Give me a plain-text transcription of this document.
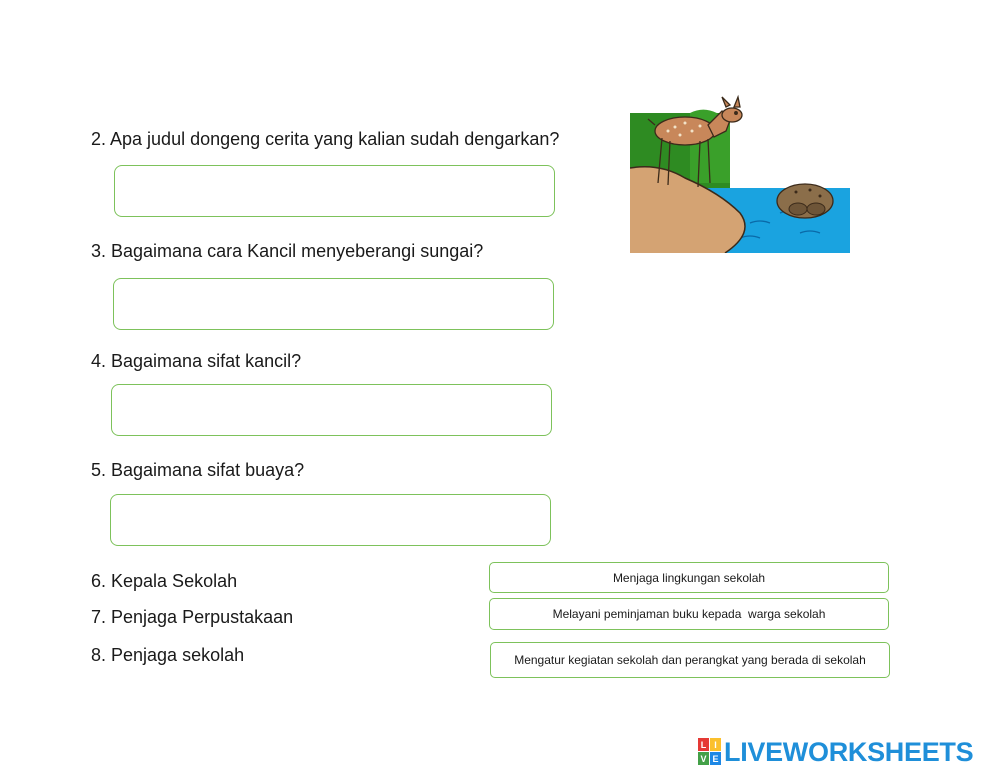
2. Apa judul dongeng cerita yang kalian sudah dengarkan?
3. Bagaimana cara Kancil menyeberangi sungai?
4. Bagaimana sifat kancil?
5. Bagaimana sifat buaya?
6. Kepala Sekolah
7. Penjaga Perpustakaan
8. Penjaga sekolah
Menjaga lingkungan sekolah
Melayani peminjaman buku kepada  warga sekolah
Mengatur kegiatan sekolah dan perangkat yang berada di sekolah
L I
V E LIVEWORKSHEETS
